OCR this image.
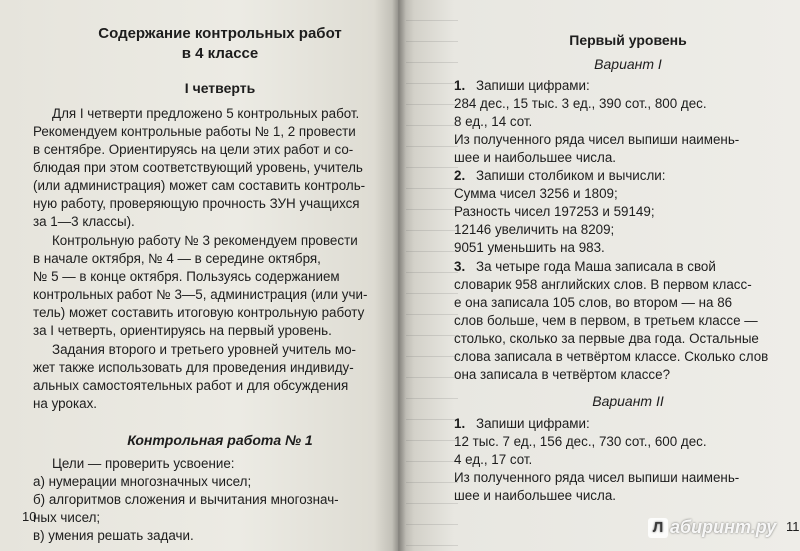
Содержание контрольных работ
в 4 классе
I четверть
Для I четверти предложено 5 контрольных работ.
Рекомендуем контрольные работы № 1, 2 провести
в сентябре. Ориентируясь на цели этих работ и со-
блюдая при этом соответствующий уровень, учитель
(или администрация) может сам составить контроль-
ную работу, проверяющую прочность ЗУН учащихся
за 1—3 классы).
Контрольную работу № 3 рекомендуем провести
в начале октября, № 4 — в середине октября,
№ 5 — в конце октября. Пользуясь содержанием
контрольных работ № 3—5, администрация (или учи-
тель) может составить итоговую контрольную работу
за I четверть, ориентируясь на первый уровень.
Задания второго и третьего уровней учитель мо-
жет также использовать для проведения индивиду-
альных самостоятельных работ и для обсуждения
на уроках.
Контрольная работа № 1
Цели — проверить усвоение:
а) нумерации многозначных чисел;
б) алгоритмов сложения и вычитания многознач-
ных чисел;
в) умения решать задачи.
10
Первый уровень
Вариант I
1. Запиши цифрами:
284 дес., 15 тыс. 3 ед., 390 сот., 800 дес.
8 ед., 14 сот.
Из полученного ряда чисел выпиши наимень-
шее и наибольшее числа.
2. Запиши столбиком и вычисли:
Сумма чисел 3256 и 1809;
Разность чисел 197253 и 59149;
12146 увеличить на 8209;
9051 уменьшить на 983.
3. За четыре года Маша записала в свой
словарик 958 английских слов. В первом класс-
е она записала 105 слов, во втором — на 86
слов больше, чем в первом, в третьем классе —
столько, сколько за первые два года. Остальные
слова записала в четвёртом классе. Сколько слов
она записала в четвёртом классе?
Вариант II
1. Запиши цифрами:
12 тыс. 7 ед., 156 дес., 730 сот., 600 дес.
4 ед., 17 сот.
Из полученного ряда чисел выпиши наимень-
шее и наибольшее числа.
11
Л абиринт.ру
